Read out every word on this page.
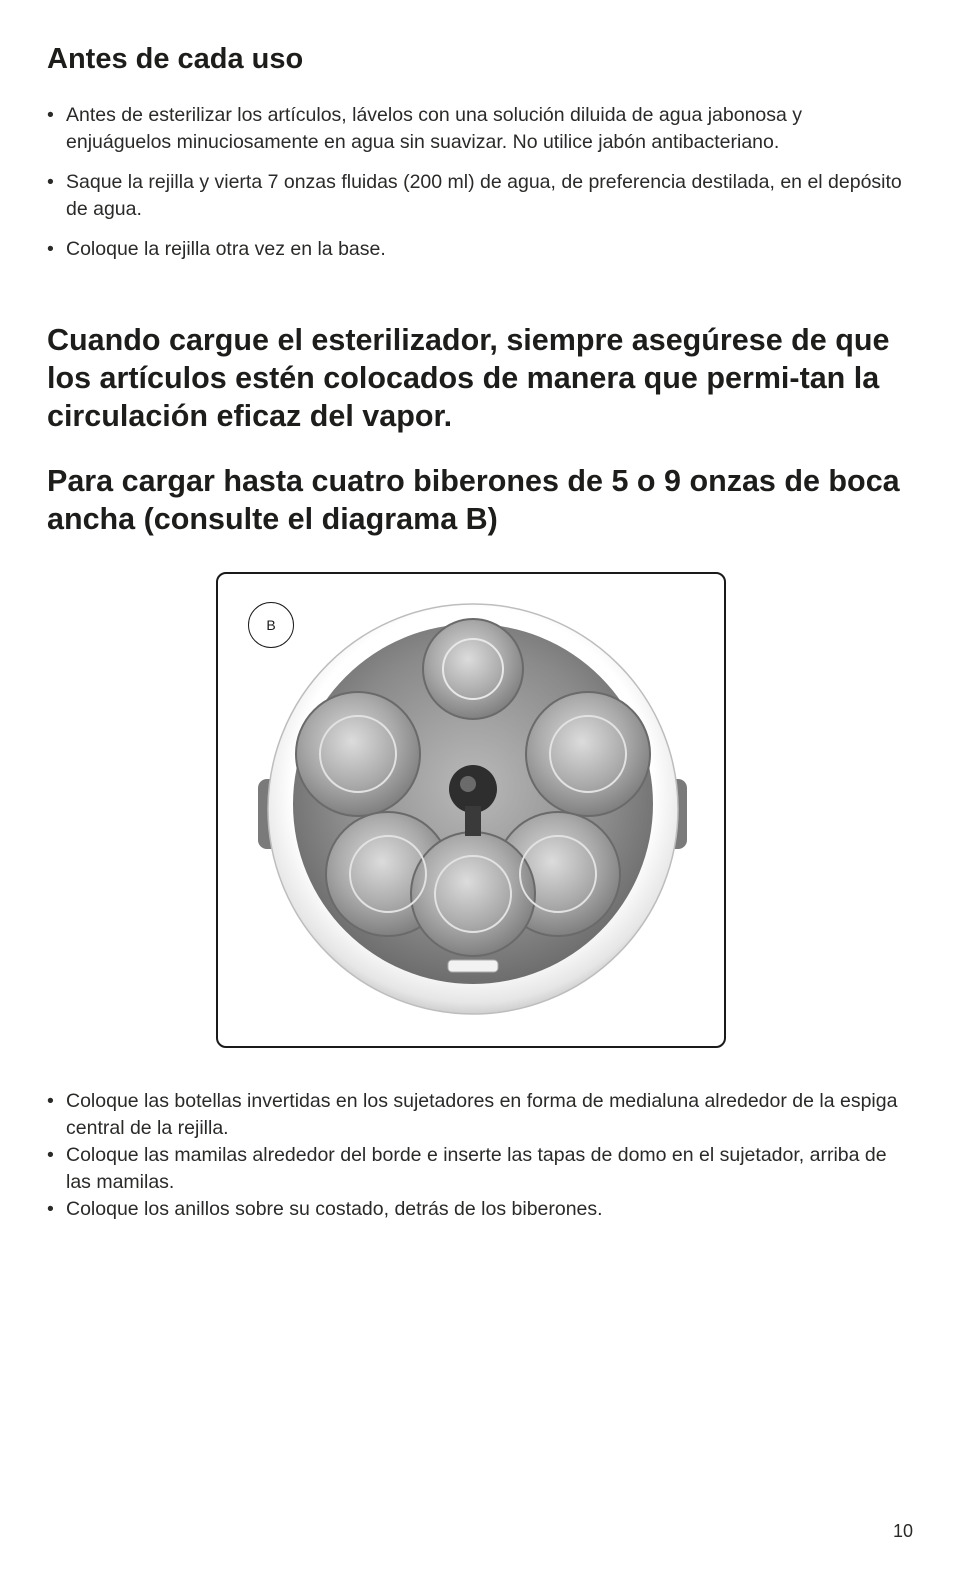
Antes de cada uso
• Antes de esterilizar los artículos, lávelos con una solución diluida de agua jabonosa y enjuáguelos minuciosamente en agua sin suavizar. No utilice jabón antibacteriano.
• Saque la rejilla y vierta 7 onzas fluidas (200 ml) de agua, de preferencia destilada, en el depósito de agua.
• Coloque la rejilla otra vez en la base.
Cuando cargue el esterilizador, siempre asegúrese de que los artículos estén colocados de manera que permi-tan la circulación eficaz del vapor.
Para cargar hasta cuatro biberones de 5 o 9 onzas de boca ancha (consulte el diagrama B)
B
• Coloque las botellas invertidas en los sujetadores en forma de medialuna alrededor de la espiga central de la rejilla.
• Coloque las mamilas alrededor del borde e inserte las tapas de domo en el sujetador, arriba de las mamilas.
• Coloque los anillos sobre su costado, detrás de los biberones.
10
